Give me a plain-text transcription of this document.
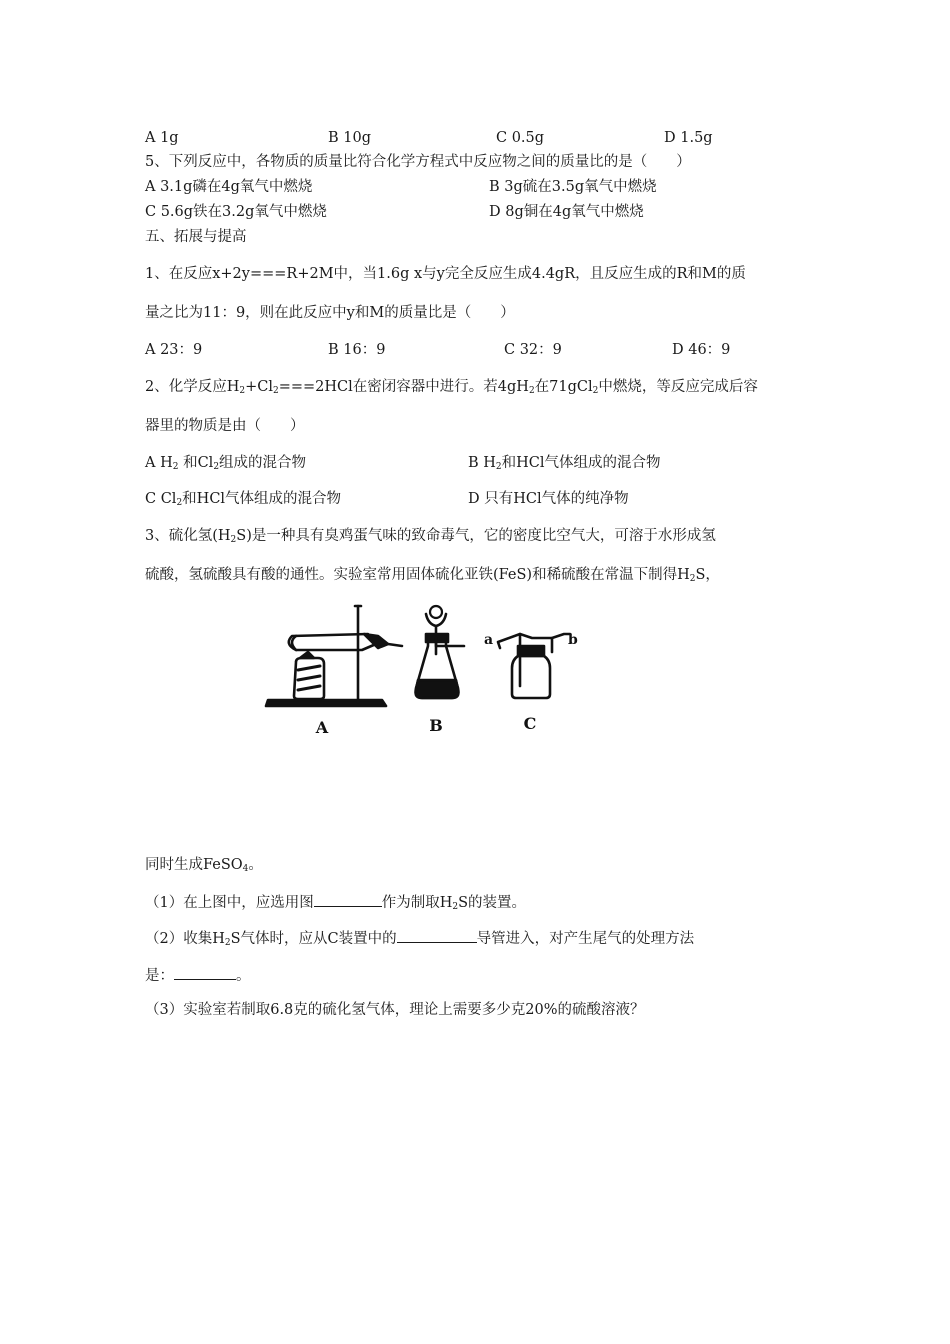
A 1g	B 10g	C 0.5g	D 1.5g
5、下列反应中，各物质的质量比符合化学方程式中反应物之间的质量比的是（　　）
A 3.1g磷在4g氧气中燃烧	B 3g硫在3.5g氧气中燃烧
C 5.6g铁在3.2g氧气中燃烧	D 8g铜在4g氧气中燃烧
五、拓展与提高
1、在反应x+2y===R+2M中，当1.6g x与y完全反应生成4.4gR，且反应生成的R和M的质
量之比为11：9，则在此反应中y和M的质量比是（　　）
A 23：9	B 16：9	C 32：9	D 46：9
2、化学反应$H_2+Cl_2===2HCl$在密闭容器中进行。若$4gH_2$在71gCl$_2$中燃烧，等反应完成后容
器里的物质是由（　　）
A $H_2$ 和$Cl_2$组成的混合物	B $H_2$和HCl气体组成的混合物
C $Cl_2$和HCl气体组成的混合物	D 只有HCl气体的纯净物
3、硫化氢$(H_2S)$是一种具有臭鸡蛋气味的致命毒气，它的密度比空气大，可溶于水形成氢
硫酸，氢硫酸具有酸的通性。实验室常用固体硫化亚铁(FeS)和稀硫酸在常温下制得$H_2S$，
A	B	C
a	b
同时生成FeSO$_4$。
（1）在上图中，应选用图	作为制取$H_2S$的装置。
（2）收集$H_2S$气体时，应从C装置中的	导管进入，对产生尾气的处理方法
是：	。
（3）实验室若制取6.8克的硫化氢气体，理论上需要多少克20%的硫酸溶液？
